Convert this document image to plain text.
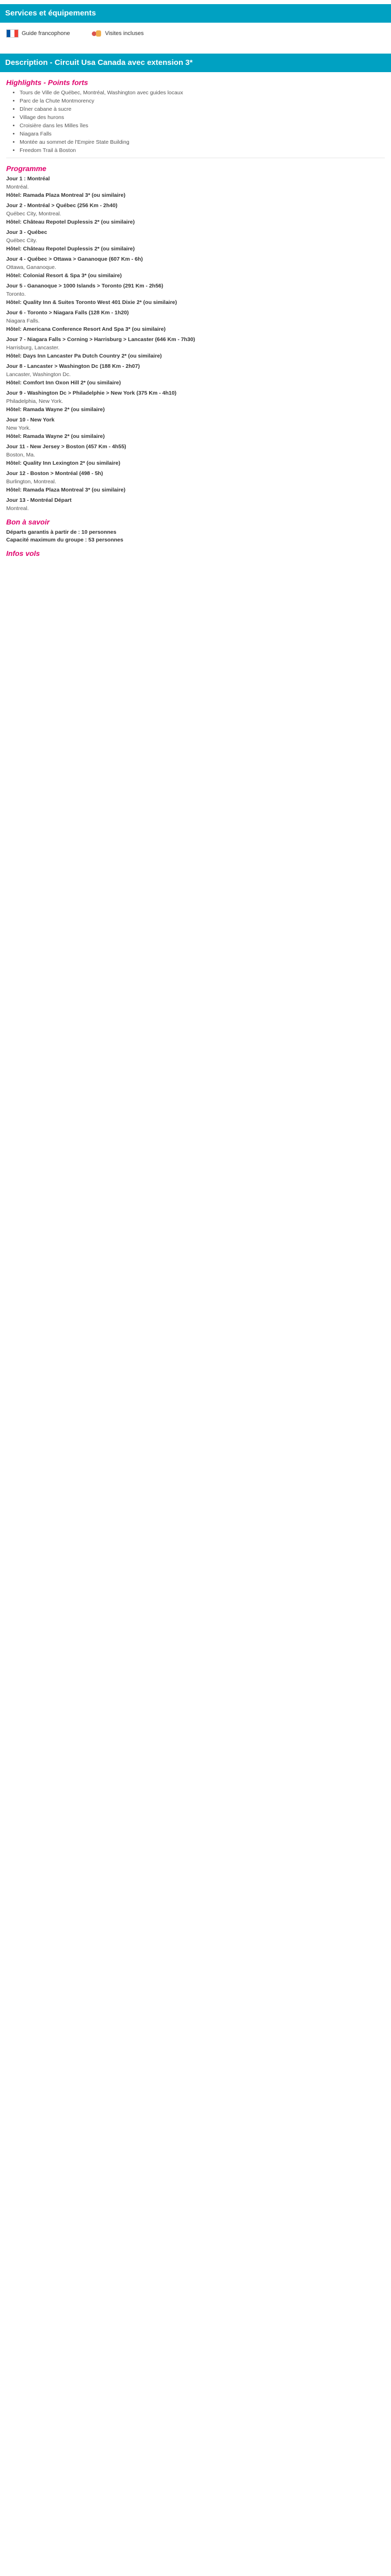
Services et équipements
Guide francophone	Visites incluses
Description - Circuit Usa Canada avec extension 3*
Highlights - Points forts
• Tours de Ville de Québec, Montréal, Washington avec guides locaux
• Parc de la Chute Montmorency
• Dîner cabane à sucre
• Village des hurons
• Croisière dans les Milles îles
• Niagara Falls
• Montée au sommet de l'Empire State Building
• Freedom Trail à Boston
Programme
Jour 1 : Montréal
Montréal.
Hôtel: Ramada Plaza Montreal 3* (ou similaire)
Jour 2 - Montréal > Québec (256 Km - 2h40)
Québec City, Montreal.
Hôtel: Château Repotel Duplessis 2* (ou similaire)
Jour 3 - Québec
Québec City.
Hôtel: Château Repotel Duplessis 2* (ou similaire)
Jour 4 - Québec > Ottawa > Gananoque (607 Km - 6h)
Ottawa, Gananoque.
Hôtel: Colonial Resort & Spa 3* (ou similaire)
Jour 5 - Gananoque > 1000 Islands > Toronto (291 Km - 2h56)
Toronto.
Hôtel: Quality Inn & Suites Toronto West 401 Dixie 2* (ou similaire)
Jour 6 - Toronto > Niagara Falls (128 Km - 1h20)
Niagara Falls.
Hôtel: Americana Conference Resort And Spa 3* (ou similaire)
Jour 7 - Niagara Falls > Corning > Harrisburg > Lancaster (646 Km - 7h30)
Harrisburg, Lancaster.
Hôtel: Days Inn Lancaster Pa Dutch Country 2* (ou similaire)
Jour 8 - Lancaster > Washington Dc (188 Km - 2h07)
Lancaster, Washington Dc.
Hôtel: Comfort Inn Oxon Hill 2* (ou similaire)
Jour 9 - Washington Dc > Philadelphie > New York (375 Km - 4h10)
Philadelphia, New York.
Hôtel: Ramada Wayne 2* (ou similaire)
Jour 10 - New York
New York.
Hôtel: Ramada Wayne 2* (ou similaire)
Jour 11 - New Jersey > Boston (457 Km - 4h55)
Boston, Ma.
Hôtel: Quality Inn Lexington 2* (ou similaire)
Jour 12 - Boston > Montréal (498 - 5h)
Burlington, Montreal.
Hôtel: Ramada Plaza Montreal 3* (ou similaire)
Jour 13 - Montréal Départ
Montreal.
Bon à savoir
Départs garantis à partir de : 10 personnes
Capacité maximum du groupe : 53 personnes
Infos vols
